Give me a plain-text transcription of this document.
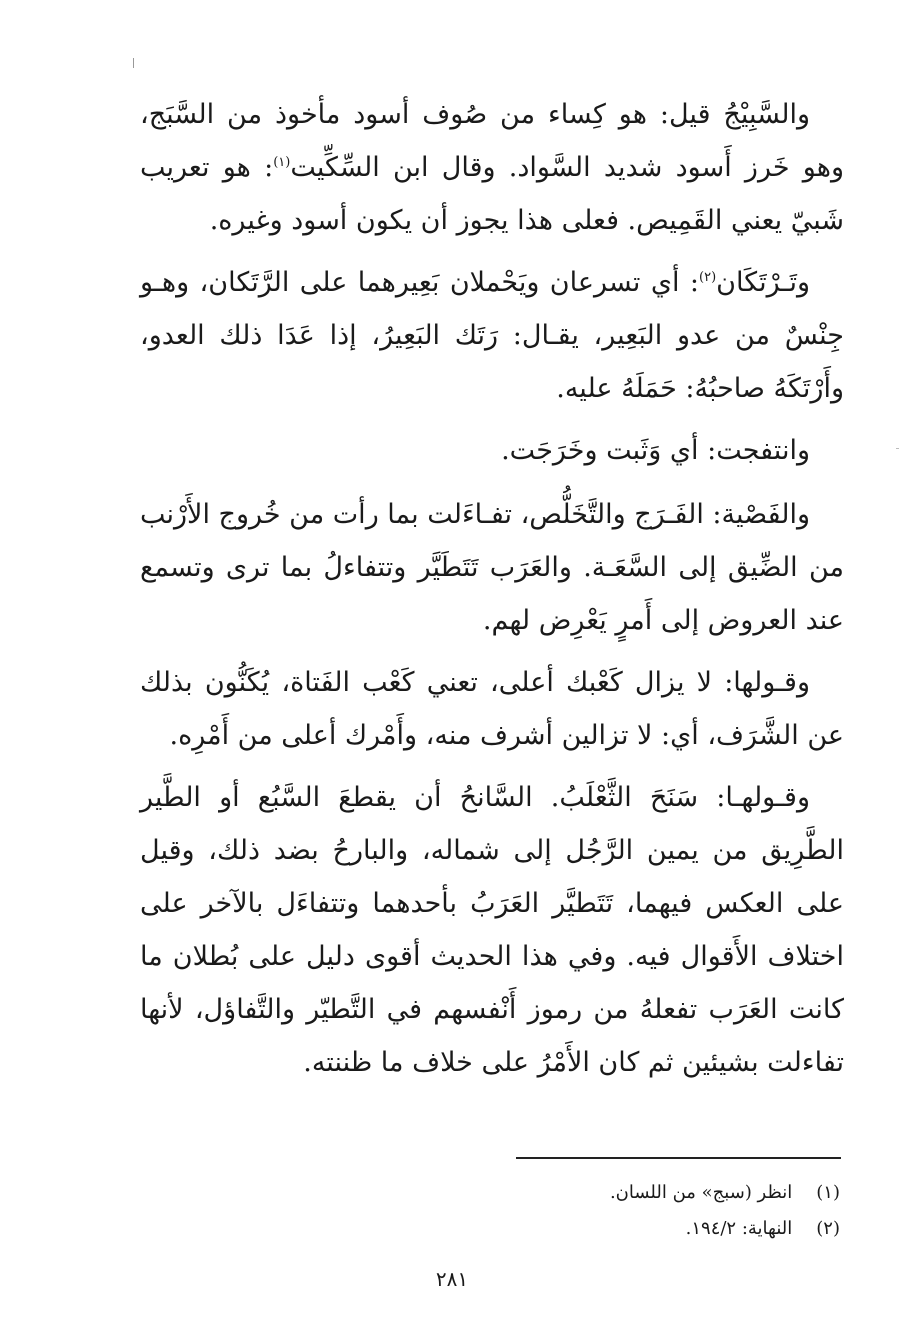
والسَّبِيْجُ قيل: هو كِساء من صُوف أسود مأخوذ من السَّبَج، وهو خَرز أَسود شديد السَّواد. وقال ابن السِّكِّيت$^{(١)}$: هو تعريب شَبيّ يعني القَمِيص. فعلى هذا يجوز أن يكون أسود وغيره.

وتَـرْتَكَان$^{(٢)}$: أي تسرعان ويَحْملان بَعِيرهما على الرَّتَكان، وهـو جِنْسٌ من عدو البَعِير، يقـال: رَتَك البَعِيرُ، إذا عَدَا ذلك العدو، وأَرْتَكَهُ صاحبُهُ: حَمَلَهُ عليه.

وانتفجت: أي وَثَبت وخَرَجَت.

والفَصْية: الفَـرَج والتَّخَلُّص، تفـاءَلت بما رأت من خُروج الأَرْنب من الضِّيق إلى السَّعَـة. والعَرَب تَتَطَيَّر وتتفاءلُ بما ترى وتسمع عند العروض إلى أَمرٍ يَعْرِض لهم.

وقـولها: لا يزال كَعْبك أعلى، تعني كَعْب الفَتاة، يُكَنُّون بذلك عن الشَّرَف، أي: لا تزالين أشرف منه، وأَمْرك أعلى من أَمْرِه.

وقـولهـا: سَنَحَ الثَّعْلَبُ. السَّانحُ أن يقطعَ السَّبُع أو الطَّير الطَّرِيق من يمين الرَّجُل إلى شماله، والبارحُ بضد ذلك، وقيل على العكس فيهما، تَتَطيَّر العَرَبُ بأحدهما وتتفاءَل بالآخر على اختلاف الأَقوال فيه. وفي هذا الحديث أقوى دليل على بُطلان ما كانت العَرَب تفعلهُ من رموز أَنْفسهم في التَّطيّر والتَّفاؤل، لأنها تفاءلت بشيئين ثم كان الأَمْرُ على خلاف ما ظننته.

(١) انظر (سبج» من اللسان.

(٢) النهاية: ١٩٤/٢.

٢٨١
